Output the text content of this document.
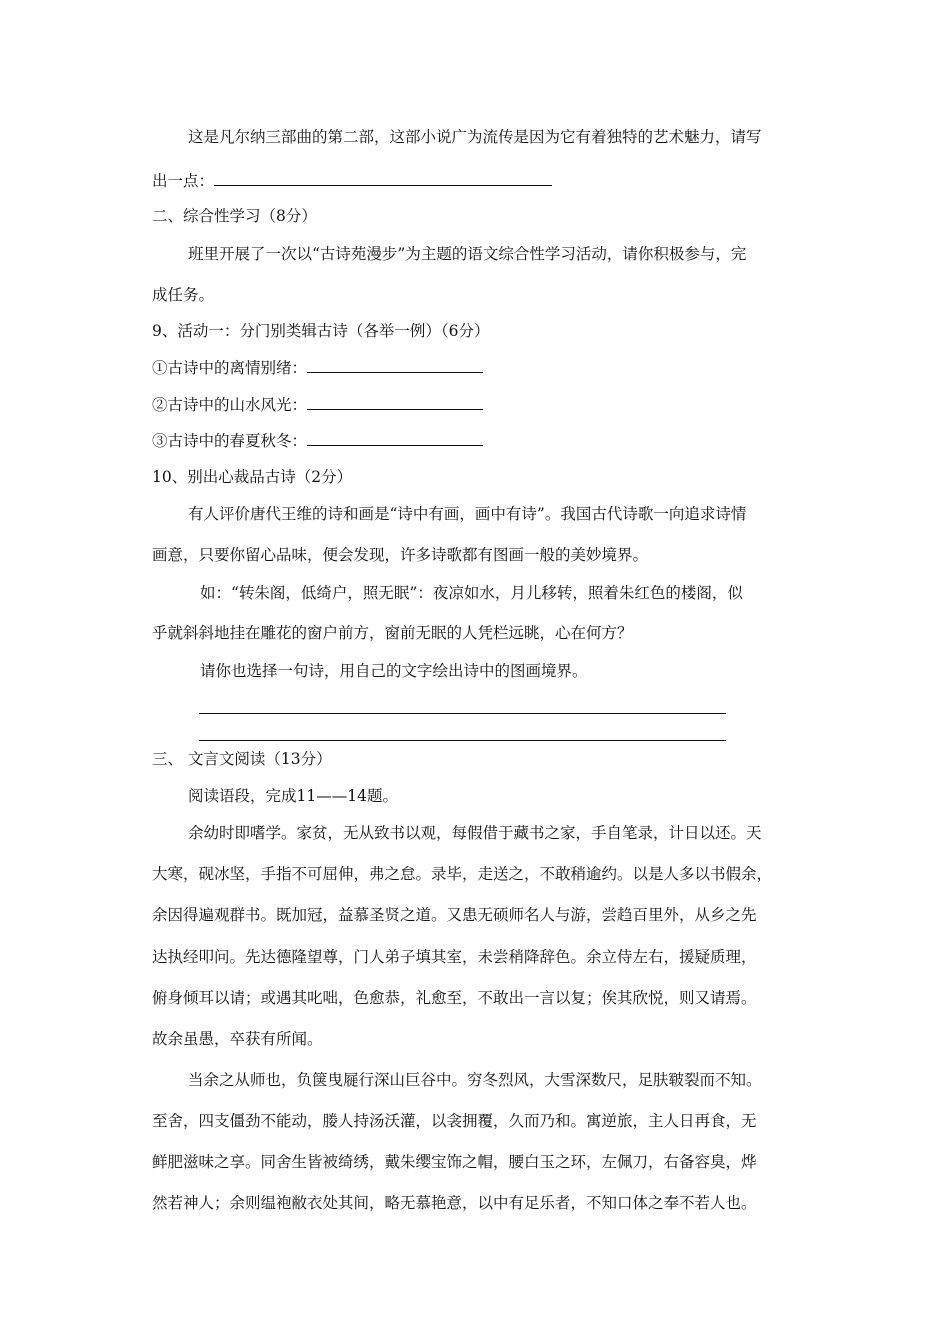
这是凡尔纳三部曲的第二部，这部小说广为流传是因为它有着独特的艺术魅力，请写
出一点：
二、综合性学习（8分）
班里开展了一次以“古诗苑漫步”为主题的语文综合性学习活动，请你积极参与，完
成任务。
9、活动一：分门别类辑古诗（各举一例）（6分）
①古诗中的离情别绪：
②古诗中的山水风光：
③古诗中的春夏秋冬：
10、别出心裁品古诗（2分）
有人评价唐代王维的诗和画是“诗中有画，画中有诗”。我国古代诗歌一向追求诗情
画意，只要你留心品味，便会发现，许多诗歌都有图画一般的美妙境界。
如：“转朱阁，低绮户，照无眠”：夜凉如水，月儿移转，照着朱红色的楼阁，似
乎就斜斜地挂在雕花的窗户前方，窗前无眠的人凭栏远眺，心在何方？
请你也选择一句诗，用自己的文字绘出诗中的图画境界。
三、 文言文阅读（13分）
阅读语段，完成11——14题。
余幼时即嗜学。家贫，无从致书以观，每假借于藏书之家，手自笔录，计日以还。天
大寒，砚冰坚，手指不可屈伸，弗之怠。录毕，走送之，不敢稍逾约。以是人多以书假余，
余因得遍观群书。既加冠，益慕圣贤之道。又患无硕师名人与游，尝趋百里外，从乡之先
达执经叩问。先达德隆望尊，门人弟子填其室，未尝稍降辞色。余立侍左右，援疑质理，
俯身倾耳以请；或遇其叱咄，色愈恭，礼愈至，不敢出一言以复；俟其欣悦，则又请焉。
故余虽愚，卒获有所闻。
当余之从师也，负箧曳屣行深山巨谷中。穷冬烈风，大雪深数尺，足肤皲裂而不知。
至舍，四支僵劲不能动，媵人持汤沃灌，以衾拥覆，久而乃和。寓逆旅，主人日再食，无
鲜肥滋味之享。同舍生皆被绮绣，戴朱缨宝饰之帽，腰白玉之环，左佩刀，右备容臭，烨
然若神人；余则缊袍敝衣处其间，略无慕艳意，以中有足乐者，不知口体之奉不若人也。
